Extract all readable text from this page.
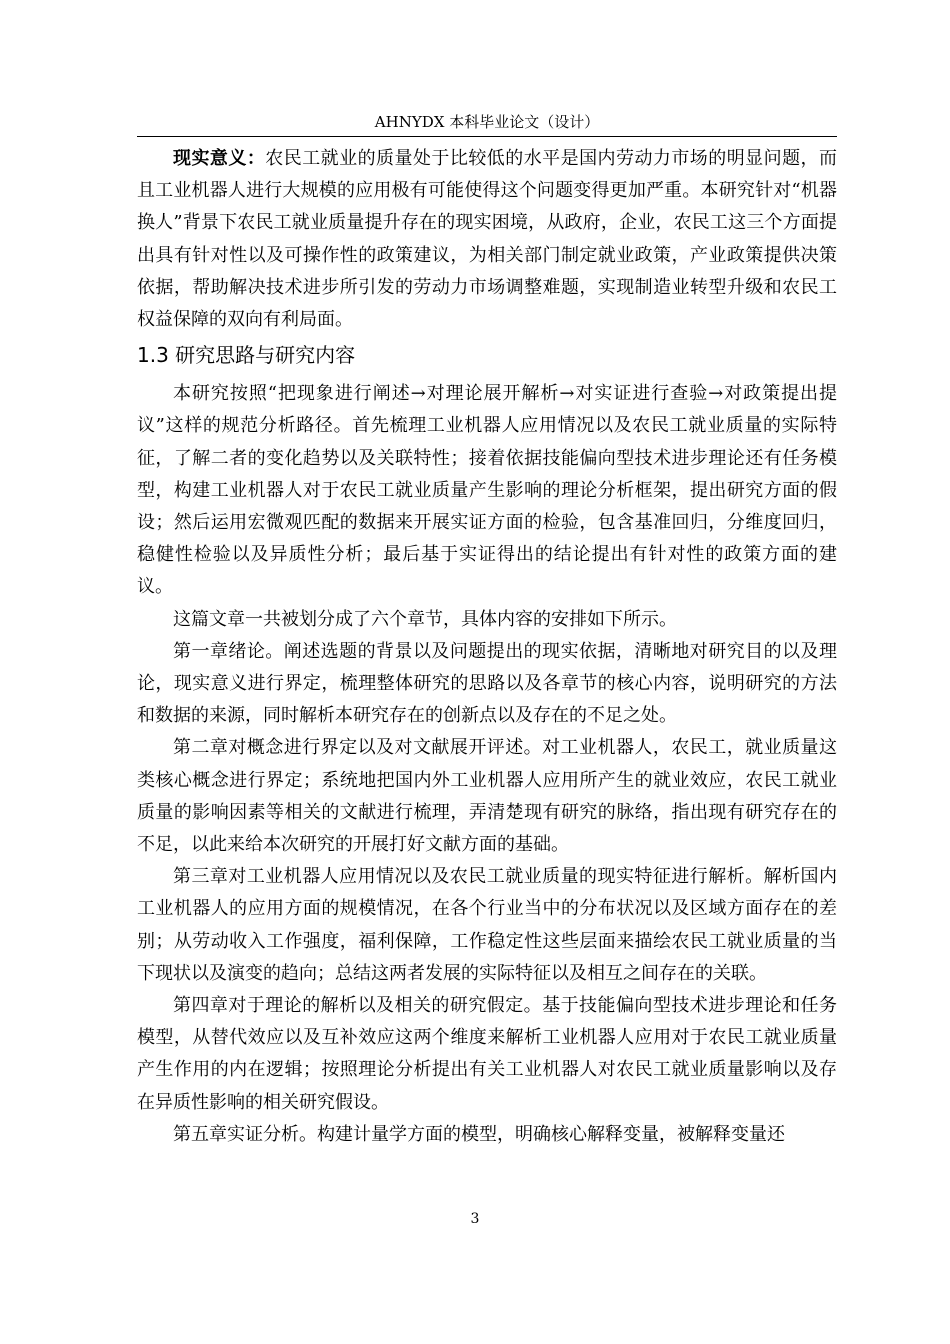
AHNYDX 本科毕业论文（设计）

现实意义：农民工就业的质量处于比较低的水平是国内劳动力市场的明显问题，而且工业机器人进行大规模的应用极有可能使得这个问题变得更加严重。本研究针对“机器换人”背景下农民工就业质量提升存在的现实困境，从政府，企业，农民工这三个方面提出具有针对性以及可操作性的政策建议，为相关部门制定就业政策，产业政策提供决策依据，帮助解决技术进步所引发的劳动力市场调整难题，实现制造业转型升级和农民工权益保障的双向有利局面。

1.3 研究思路与研究内容

本研究按照“把现象进行阐述→对理论展开解析→对实证进行查验→对政策提出提议”这样的规范分析路径。首先梳理工业机器人应用情况以及农民工就业质量的实际特征，了解二者的变化趋势以及关联特性；接着依据技能偏向型技术进步理论还有任务模型，构建工业机器人对于农民工就业质量产生影响的理论分析框架，提出研究方面的假设；然后运用宏微观匹配的数据来开展实证方面的检验，包含基准回归，分维度回归，稳健性检验以及异质性分析；最后基于实证得出的结论提出有针对性的政策方面的建议。

这篇文章一共被划分成了六个章节，具体内容的安排如下所示。

第一章绪论。阐述选题的背景以及问题提出的现实依据，清晰地对研究目的以及理论，现实意义进行界定，梳理整体研究的思路以及各章节的核心内容，说明研究的方法和数据的来源，同时解析本研究存在的创新点以及存在的不足之处。

第二章对概念进行界定以及对文献展开评述。对工业机器人，农民工，就业质量这类核心概念进行界定；系统地把国内外工业机器人应用所产生的就业效应，农民工就业质量的影响因素等相关的文献进行梳理，弄清楚现有研究的脉络，指出现有研究存在的不足，以此来给本次研究的开展打好文献方面的基础。

第三章对工业机器人应用情况以及农民工就业质量的现实特征进行解析。解析国内工业机器人的应用方面的规模情况，在各个行业当中的分布状况以及区域方面存在的差别；从劳动收入工作强度，福利保障，工作稳定性这些层面来描绘农民工就业质量的当下现状以及演变的趋向；总结这两者发展的实际特征以及相互之间存在的关联。

第四章对于理论的解析以及相关的研究假定。基于技能偏向型技术进步理论和任务模型，从替代效应以及互补效应这两个维度来解析工业机器人应用对于农民工就业质量产生作用的内在逻辑；按照理论分析提出有关工业机器人对农民工就业质量影响以及存在异质性影响的相关研究假设。

第五章实证分析。构建计量学方面的模型，明确核心解释变量，被解释变量还

3
